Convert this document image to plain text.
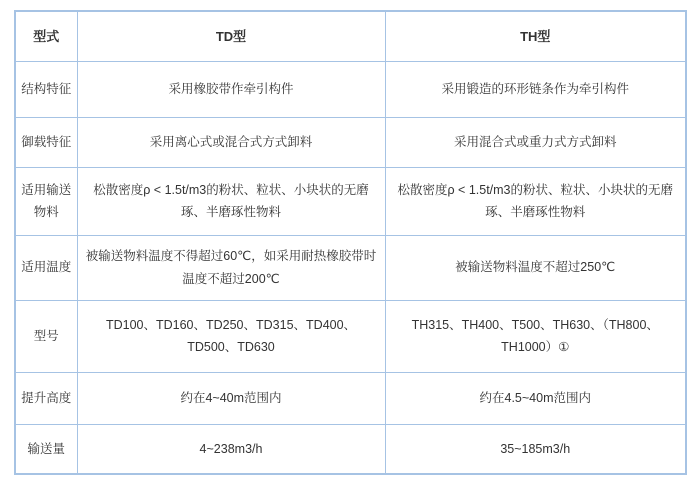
型式	TD型	TH型
结构特征	采用橡胶带作牵引构件	采用锻造的环形链条作为牵引构件
御载特征	采用离心式或混合式方式卸料	采用混合式或重力式方式卸料
适用输送物料	松散密度ρ < 1.5t/m3的粉状、粒状、小块状的无磨琢、半磨琢性物料	松散密度ρ < 1.5t/m3的粉状、粒状、小块状的无磨琢、半磨琢性物料
适用温度	被输送物料温度不得超过60℃，如采用耐热橡胶带时温度不超过200℃	被输送物料温度不超过250℃
型号	TD100、TD160、TD250、TD315、TD400、TD500、TD630	TH315、TH400、T500、TH630、（TH800、TH1000）①
提升高度	约在4~40m范围内	约在4.5~40m范围内
输送量	4~238m3/h	35~185m3/h
